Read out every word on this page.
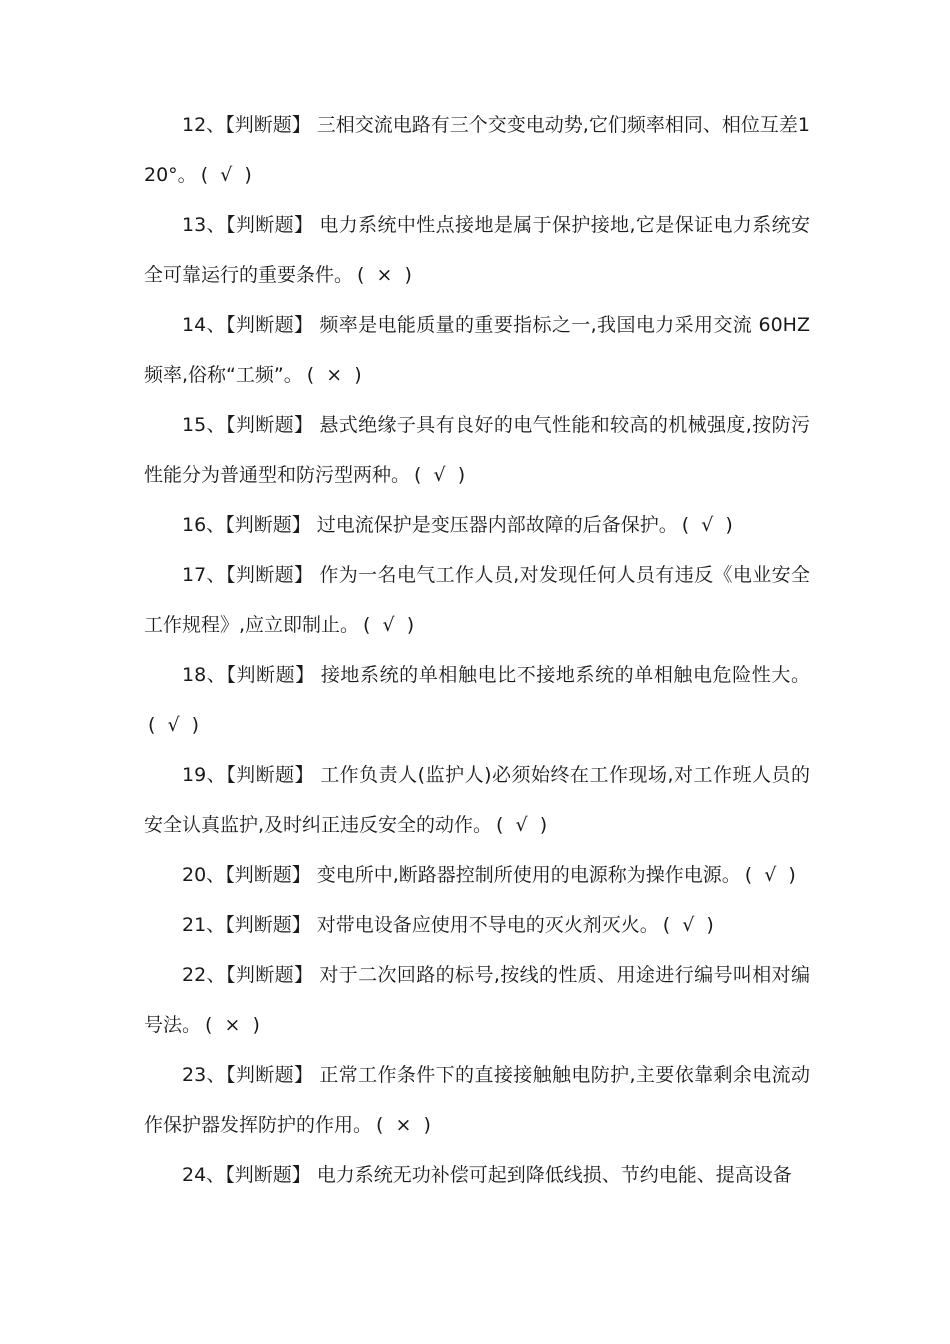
12、【判断题】 三相交流电路有三个交变电动势,它们频率相同、相位互差120°。 (  √  )

13、【判断题】 电力系统中性点接地是属于保护接地,它是保证电力系统安全可靠运行的重要条件。 (  ×  )

14、【判断题】 频率是电能质量的重要指标之一,我国电力采用交流 60HZ 频率,俗称“工频”。 (  ×  )

15、【判断题】 悬式绝缘子具有良好的电气性能和较高的机械强度,按防污性能分为普通型和防污型两种。 (  √  )

16、【判断题】 过电流保护是变压器内部故障的后备保护。 (  √  )

17、【判断题】 作为一名电气工作人员,对发现任何人员有违反《电业安全工作规程》,应立即制止。 (  √  )

18、【判断题】 接地系统的单相触电比不接地系统的单相触电危险性大。(  √  )

19、【判断题】 工作负责人(监护人)必须始终在工作现场,对工作班人员的安全认真监护,及时纠正违反安全的动作。 (  √  )

20、【判断题】 变电所中,断路器控制所使用的电源称为操作电源。 (  √  )

21、【判断题】 对带电设备应使用不导电的灭火剂灭火。 (  √  )

22、【判断题】 对于二次回路的标号,按线的性质、用途进行编号叫相对编号法。 (  ×  )

23、【判断题】 正常工作条件下的直接接触触电防护,主要依靠剩余电流动作保护器发挥防护的作用。 (  ×  )

24、【判断题】 电力系统无功补偿可起到降低线损、节约电能、提高设备
